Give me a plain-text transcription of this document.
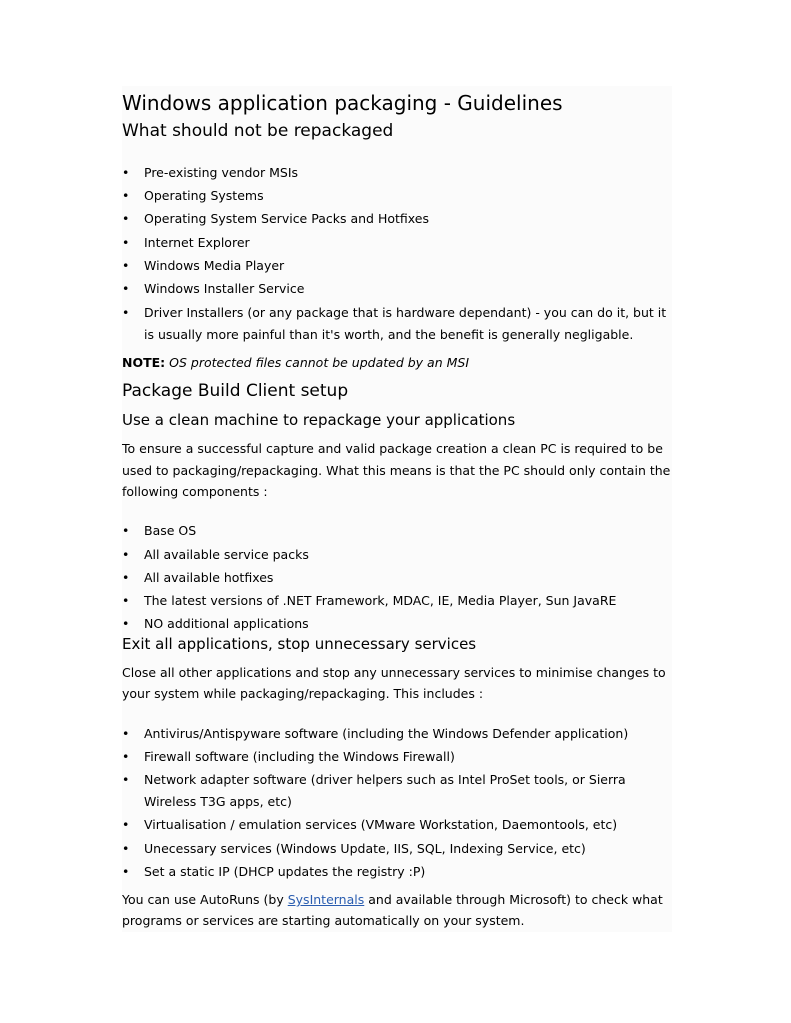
Windows application packaging - Guidelines
What should not be repackaged
•	Pre-existing vendor MSIs
•	Operating Systems
•	Operating System Service Packs and Hotfixes
•	Internet Explorer
•	Windows Media Player
•	Windows Installer Service
•	Driver Installers (or any package that is hardware dependant) - you can do it, but it
is usually more painful than it's worth, and the benefit is generally negligable.
NOTE: OS protected files cannot be updated by an MSI
Package Build Client setup
Use a clean machine to repackage your applications
To ensure a successful capture and valid package creation a clean PC is required to be
used to packaging/repackaging. What this means is that the PC should only contain the
following components :
•	Base OS
•	All available service packs
•	All available hotfixes
•	The latest versions of .NET Framework, MDAC, IE, Media Player, Sun JavaRE
•	NO additional applications
Exit all applications, stop unnecessary services
Close all other applications and stop any unnecessary services to minimise changes to
your system while packaging/repackaging. This includes :
•	Antivirus/Antispyware software (including the Windows Defender application)
•	Firewall software (including the Windows Firewall)
•	Network adapter software (driver helpers such as Intel ProSet tools, or Sierra
Wireless T3G apps, etc)
•	Virtualisation / emulation services (VMware Workstation, Daemontools, etc)
•	Unecessary services (Windows Update, IIS, SQL, Indexing Service, etc)
•	Set a static IP (DHCP updates the registry :P)
You can use AutoRuns (by SysInternals and available through Microsoft) to check what
programs or services are starting automatically on your system.
